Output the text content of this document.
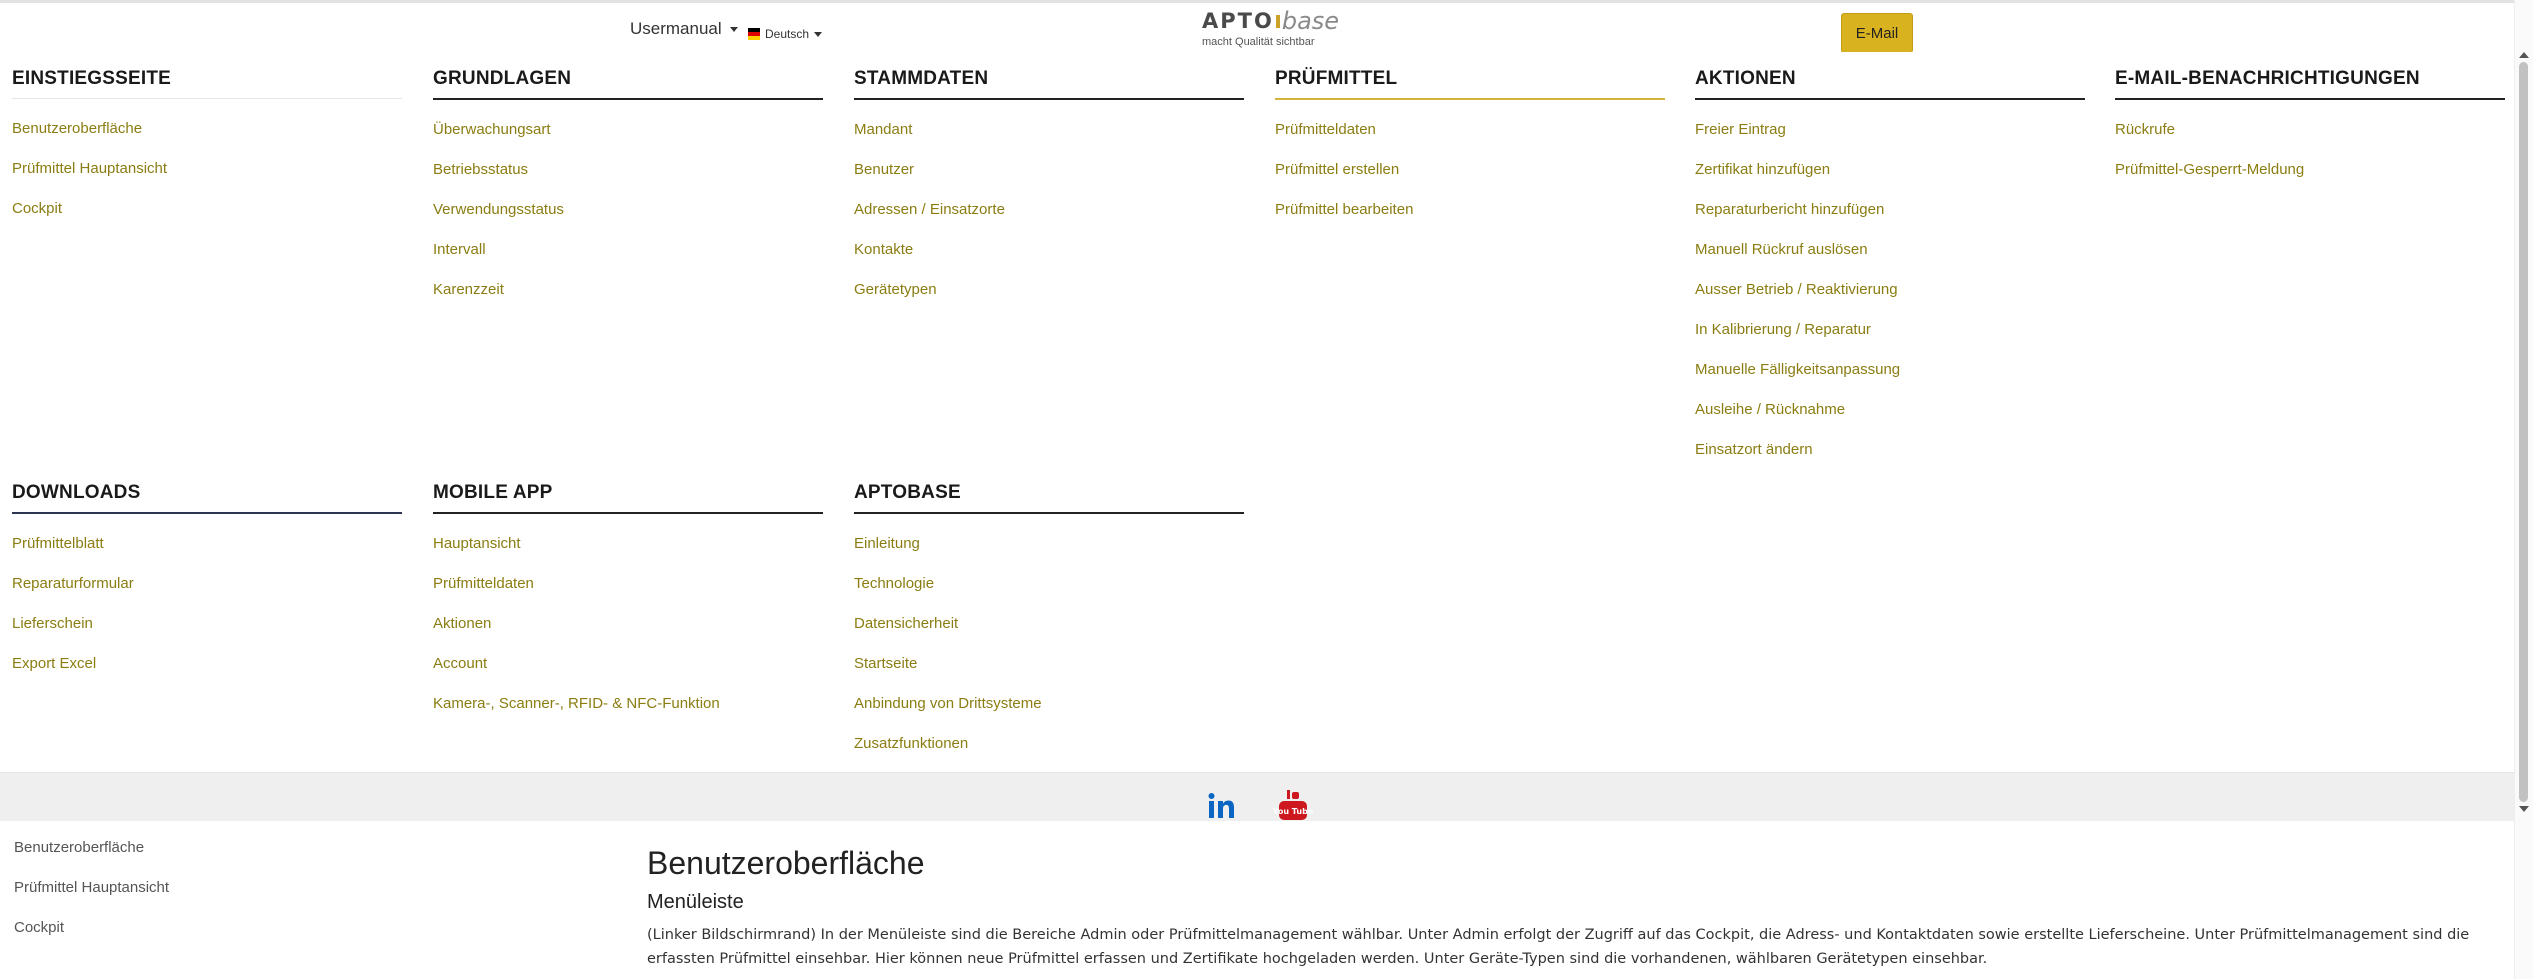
Usermanual	Deutsch
APTO base
macht Qualität sichtbar
E-Mail
EINSTIEGSSEITE
Benutzeroberfläche
Prüfmittel Hauptansicht
Cockpit
GRUNDLAGEN
Überwachungsart
Betriebsstatus
Verwendungsstatus
Intervall
Karenzzeit
STAMMDATEN
Mandant
Benutzer
Adressen / Einsatzorte
Kontakte
Gerätetypen
PRÜFMITTEL
Prüfmitteldaten
Prüfmittel erstellen
Prüfmittel bearbeiten
AKTIONEN
Freier Eintrag
Zertifikat hinzufügen
Reparaturbericht hinzufügen
Manuell Rückruf auslösen
Ausser Betrieb / Reaktivierung
In Kalibrierung / Reparatur
Manuelle Fälligkeitsanpassung
Ausleihe / Rücknahme
Einsatzort ändern
E-MAIL-BENACHRICHTIGUNGEN
Rückrufe
Prüfmittel-Gesperrt-Meldung
DOWNLOADS
Prüfmittelblatt
Reparaturformular
Lieferschein
Export Excel
MOBILE APP
Hauptansicht
Prüfmitteldaten
Aktionen
Account
Kamera-, Scanner-, RFID- & NFC-Funktion
APTOBASE
Einleitung
Technologie
Datensicherheit
Startseite
Anbindung von Drittsysteme
Zusatzfunktionen
You Tube
Benutzeroberfläche
Prüfmittel Hauptansicht
Cockpit
Benutzeroberfläche
Menüleiste
(Linker Bildschirmrand) In der Menüleiste sind die Bereiche Admin oder Prüfmittelmanagement wählbar. Unter Admin erfolgt der Zugriff auf das Cockpit, die Adress- und Kontaktdaten sowie erstellte Lieferscheine. Unter Prüfmittelmanagement sind die erfassten Prüfmittel einsehbar. Hier können neue Prüfmittel erfassen und Zertifikate hochgeladen werden. Unter Geräte-Typen sind die vorhandenen, wählbaren Gerätetypen einsehbar.
